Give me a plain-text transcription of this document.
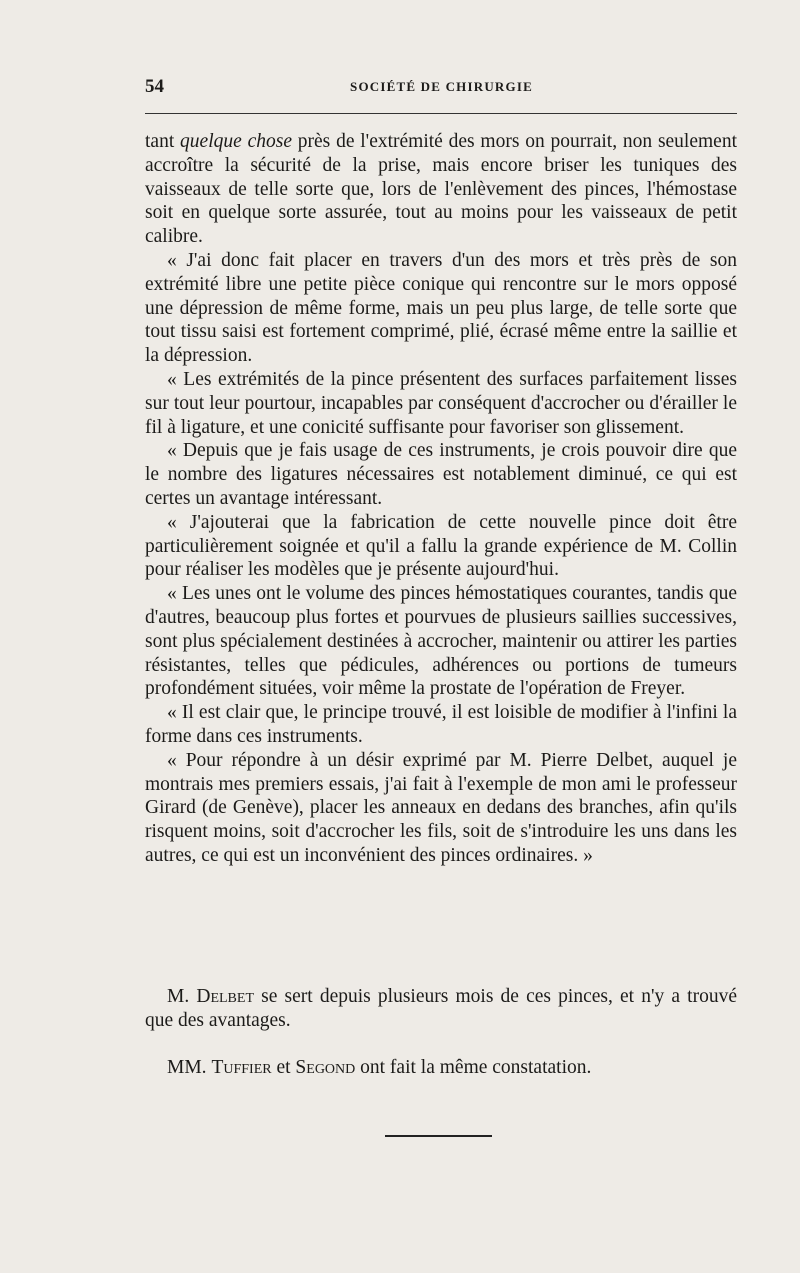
54	SOCIÉTÉ DE CHIRURGIE

tant quelque chose près de l'extrémité des mors on pourrait, non seulement accroître la sécurité de la prise, mais encore briser les tuniques des vaisseaux de telle sorte que, lors de l'enlèvement des pinces, l'hémostase soit en quelque sorte assurée, tout au moins pour les vaisseaux de petit calibre.

« J'ai donc fait placer en travers d'un des mors et très près de son extrémité libre une petite pièce conique qui rencontre sur le mors opposé une dépression de même forme, mais un peu plus large, de telle sorte que tout tissu saisi est fortement comprimé, plié, écrasé même entre la saillie et la dépression.

« Les extrémités de la pince présentent des surfaces parfaitement lisses sur tout leur pourtour, incapables par conséquent d'accrocher ou d'érailler le fil à ligature, et une conicité suffisante pour favoriser son glissement.

« Depuis que je fais usage de ces instruments, je crois pouvoir dire que le nombre des ligatures nécessaires est notablement diminué, ce qui est certes un avantage intéressant.

« J'ajouterai que la fabrication de cette nouvelle pince doit être particulièrement soignée et qu'il a fallu la grande expérience de M. Collin pour réaliser les modèles que je présente aujourd'hui.

« Les unes ont le volume des pinces hémostatiques courantes, tandis que d'autres, beaucoup plus fortes et pourvues de plusieurs saillies successives, sont plus spécialement destinées à accrocher, maintenir ou attirer les parties résistantes, telles que pédicules, adhérences ou portions de tumeurs profondément situées, voir même la prostate de l'opération de Freyer.

« Il est clair que, le principe trouvé, il est loisible de modifier à l'infini la forme dans ces instruments.

« Pour répondre à un désir exprimé par M. Pierre Delbet, auquel je montrais mes premiers essais, j'ai fait à l'exemple de mon ami le professeur Girard (de Genève), placer les anneaux en dedans des branches, afin qu'ils risquent moins, soit d'accrocher les fils, soit de s'introduire les uns dans les autres, ce qui est un inconvénient des pinces ordinaires. »

M. Delbet se sert depuis plusieurs mois de ces pinces, et n'y a trouvé que des avantages.

MM. Tuffier et Segond ont fait la même constatation.
